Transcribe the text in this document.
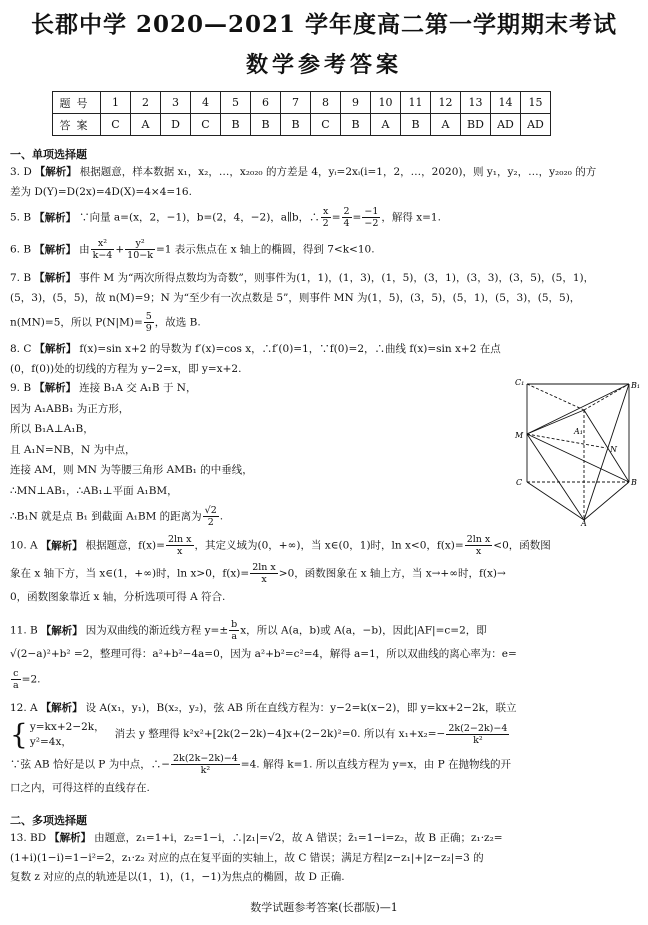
长郡中学 2020—2021 学年度高二第一学期期末考试
数学参考答案
题号	1	2	3	4	5	6	7	8	9	10	11	12	13	14	15
答案	C	A	D	C	B	B	B	C	B	A	B	A	BD	AD	AD
一、单项选择题

3. D 【解析】 根据题意，样本数据 x₁，x₂，…，x₂₀₂₀ 的方差是 4，yᵢ=2xᵢ(i=1，2，…，2020)，则 y₁，y₂，…，y₂₀₂₀ 的方

差为 D(Y)=D(2x)=4D(X)=4×4=16.

5. B 【解析】 ∵向量 a=(x，2，−1)，b=(2，4，−2)，a∥b，∴ $\frac{x}{2} = \frac{2}{4} = \frac{-1}{-2}$ ，解得 x=1.

6. B 【解析】 由 $\frac{\text{x²}}{k-4} + \frac{\text{y²}}{10-k} =1$ 表示焦点在 x 轴上的椭圆，得到 7<k<10.

7. B 【解析】 事件 M 为“两次所得点数均为奇数”，则事件为(1，1)，(1，3)，(1，5)，(3，1)，(3，3)，(3，5)，(5，1)，

(5，3)，(5，5)，故 n(M)=9；N 为“至少有一次点数是 5”，则事件 MN 为(1，5)，(3，5)，(5，1)，(5，3)，(5，5)，

n(MN)=5，所以 $P(N|M)= \frac{5}{9}$ ，故选 B.

8. C 【解析】 f(x)=sin x+2 的导数为 f′(x)=cos x，∴f′(0)=1，∵f(0)=2，∴曲线 f(x)=sin x+2 在点

(0，f(0))处的切线的方程为 y−2=x，即 y=x+2.

9. B 【解析】 连接 B₁A 交 A₁B 于 N，

因为 A₁ABB₁ 为正方形，

所以 B₁A⊥A₁B，

且 A₁N=NB，N 为中点，

连接 AM，则 MN 为等腰三角形 AMB₁ 的中垂线，

∴MN⊥AB₁，∴AB₁⊥平面 A₁BM，

∴B₁N 就是点 B₁ 到截面 A₁BM 的距离为 $\frac{√2}{2}$ .

C₁	B₁
A₁
M
N
C	B
A

10. A 【解析】 根据题意，$f(x)= \frac{\text{2ln x}}{x}$ ，其定义域为(0，+∞)，当 x∈(0，1)时，ln x<0，$f(x)= \frac{\text{2ln x}}{x} <0$，函数图

象在 x 轴下方，当 x∈(1，+∞)时，ln x>0，$f(x)= \frac{\text{2ln x}}{x} >0$，函数图象在 x 轴上方，当 x→+∞时，f(x)→

0，函数图象靠近 x 轴，分析选项可得 A 符合.

11. B 【解析】 因为双曲线的渐近线方程 $y=\pm \frac{b}{a}$ x，所以 A(a，b)或 A(a，−b)，因此|AF|=c=2，即

√(2−a)²+b² =2，整理可得：a²+b²−4a=0，因为 a²+b²=c²=4，解得 a=1，所以双曲线的离心率为：e=

$\frac{c}{a} =2$.

12. A 【解析】 设 A(x₁，y₁)，B(x₂，y₂)，弦 AB 所在直线方程为：y−2=k(x−2)，即 y=kx+2−2k，联立

{ y=kx+2−2k，
y²=4x，
消去 y 整理得 k²x²+[2k(2−2k)−4]x+(2−2k)²=0. 所以有 $x_1+x_2=- \frac{2k(2-2k)-4}{\text{k²}}$

∵弦 AB 恰好是以 P 为中点，∴− $\frac{2k(2k-2k)-4}{\text{k²}} =4$. 解得 k=1. 所以直线方程为 y=x，由 P 在抛物线的开

口之内，可得这样的直线存在.

二、多项选择题

13. BD 【解析】 由题意，z₁=1+i，z₂=1−i，∴|z₁|=√2，故 A 错误；z̄₁=1−i=z₂，故 B 正确；z₁·z₂=

(1+i)(1−i)=1−i²=2，z₁·z₂ 对应的点在复平面的实轴上，故 C 错误；满足方程|z−z₁|+|z−z₂|=3 的

复数 z 对应的点的轨迹是以(1，1)，(1，−1)为焦点的椭圆，故 D 正确.

数学试题参考答案(长郡版)—1
